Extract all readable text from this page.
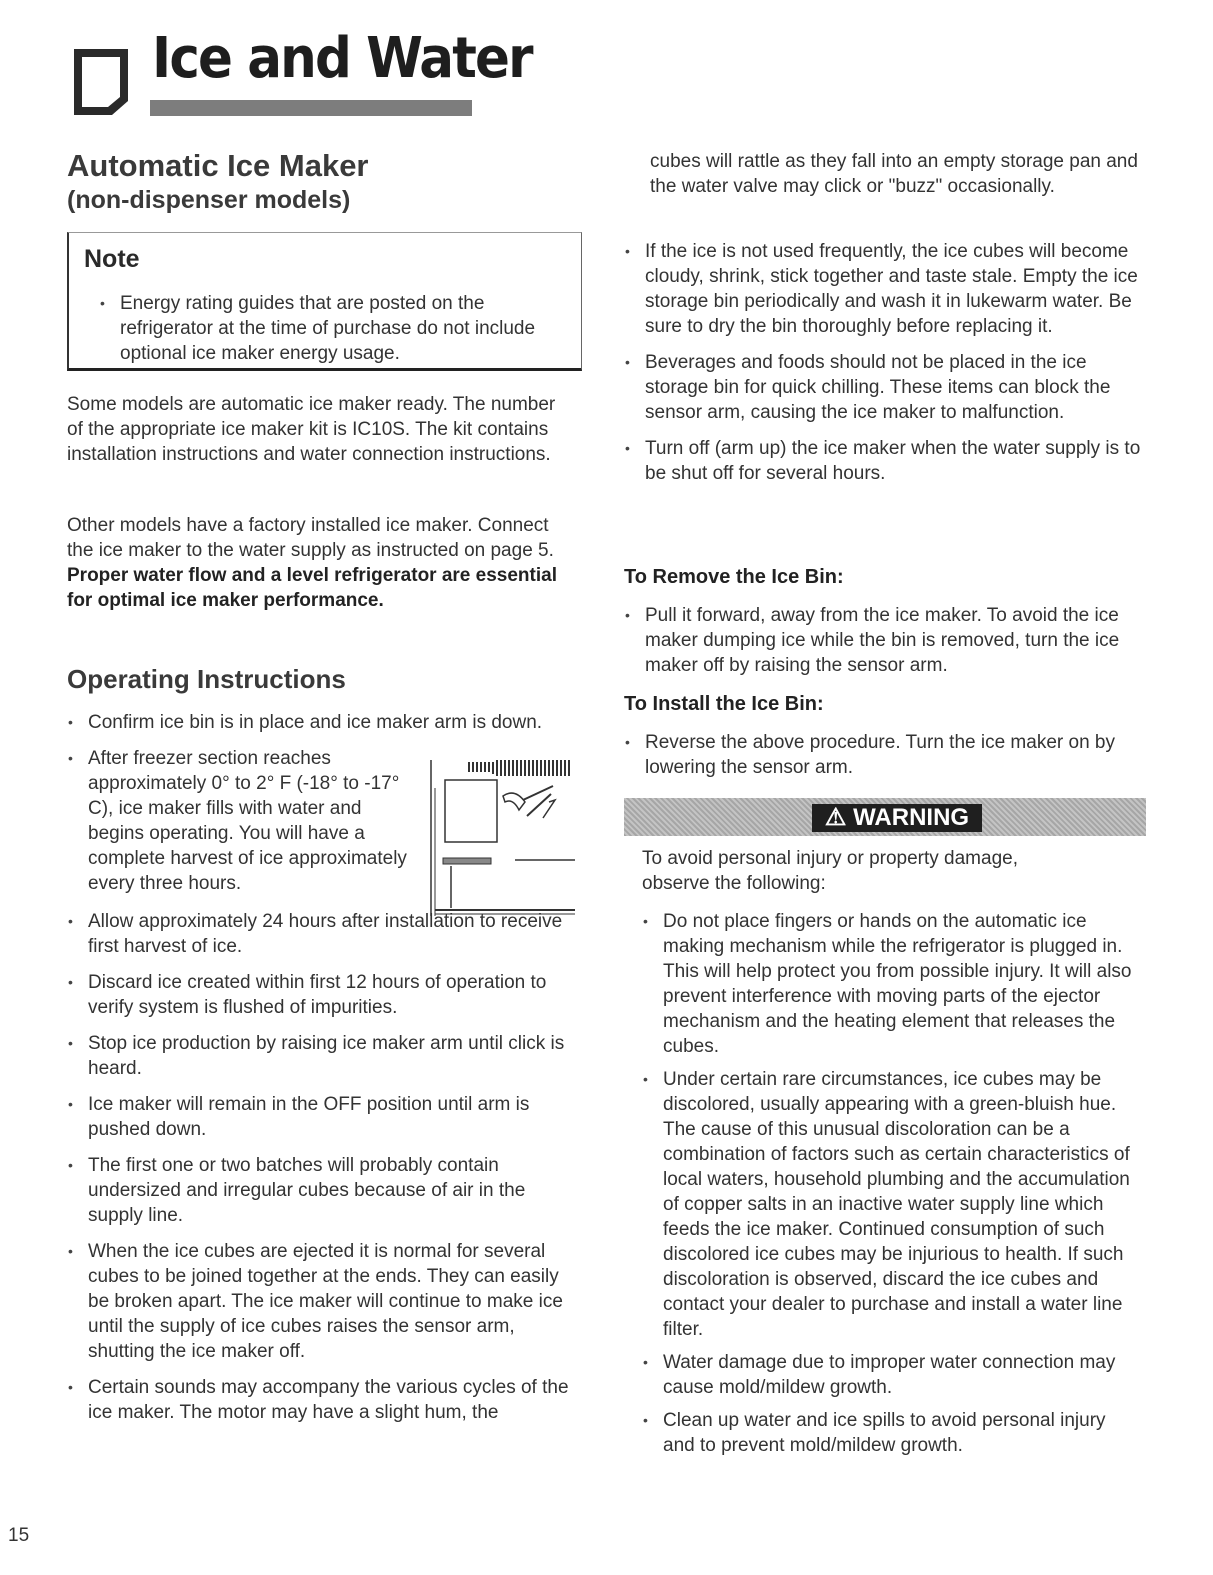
Ice and Water
Automatic Ice Maker
(non-dispenser models)
Note
• Energy rating guides that are posted on the refrigerator at the time of purchase do not include optional ice maker energy usage.
Some models are automatic ice maker ready. The number of the appropriate ice maker kit is IC10S. The kit contains installation instructions and water connection instructions.
Other models have a factory installed ice maker. Connect the ice maker to the water supply as instructed on page 5. Proper water flow and a level refrigerator are essential for optimal ice maker performance.
Operating Instructions
• Confirm ice bin is in place and ice maker arm is down.
• After freezer section reaches approximately 0° to 2° F (-18° to -17° C), ice maker fills with water and begins operating. You will have a complete harvest of ice approximately every three hours.
• Allow approximately 24 hours after installation to receive first harvest of ice.
• Discard ice created within first 12 hours of operation to verify system is flushed of impurities.
• Stop ice production by raising ice maker arm until click is heard.
• Ice maker will remain in the OFF position until arm is pushed down.
• The first one or two batches will probably contain undersized and irregular cubes because of air in the supply line.
• When the ice cubes are ejected it is normal for several cubes to be joined together at the ends. They can easily be broken apart. The ice maker will continue to make ice until the supply of ice cubes raises the sensor arm, shutting the ice maker off.
• Certain sounds may accompany the various cycles of the ice maker. The motor may have a slight hum, the
cubes will rattle as they fall into an empty storage pan and the water valve may click or "buzz" occasionally.
• If the ice is not used frequently, the ice cubes will become cloudy, shrink, stick together and taste stale. Empty the ice storage bin periodically and wash it in lukewarm water. Be sure to dry the bin thoroughly before replacing it.
• Beverages and foods should not be placed in the ice storage bin for quick chilling. These items can block the sensor arm, causing the ice maker to malfunction.
• Turn off (arm up) the ice maker when the water supply is to be shut off for several hours.
To Remove the Ice Bin:
• Pull it forward, away from the ice maker. To avoid the ice maker dumping ice while the bin is removed, turn the ice maker off by raising the sensor arm.
To Install the Ice Bin:
• Reverse the above procedure. Turn the ice maker on by lowering the sensor arm.
⚠ WARNING
To avoid personal injury or property damage, observe the following:
• Do not place fingers or hands on the automatic ice making mechanism while the refrigerator is plugged in. This will help protect you from possible injury. It will also prevent interference with moving parts of the ejector mechanism and the heating element that releases the cubes.
• Under certain rare circumstances, ice cubes may be discolored, usually appearing with a green-bluish hue. The cause of this unusual discoloration can be a combination of factors such as certain characteristics of local waters, household plumbing and the accumulation of copper salts in an inactive water supply line which feeds the ice maker. Continued consumption of such discolored ice cubes may be injurious to health. If such discoloration is observed, discard the ice cubes and contact your dealer to purchase and install a water line filter.
• Water damage due to improper water connection may cause mold/mildew growth.
• Clean up water and ice spills to avoid personal injury and to prevent mold/mildew growth.
15
